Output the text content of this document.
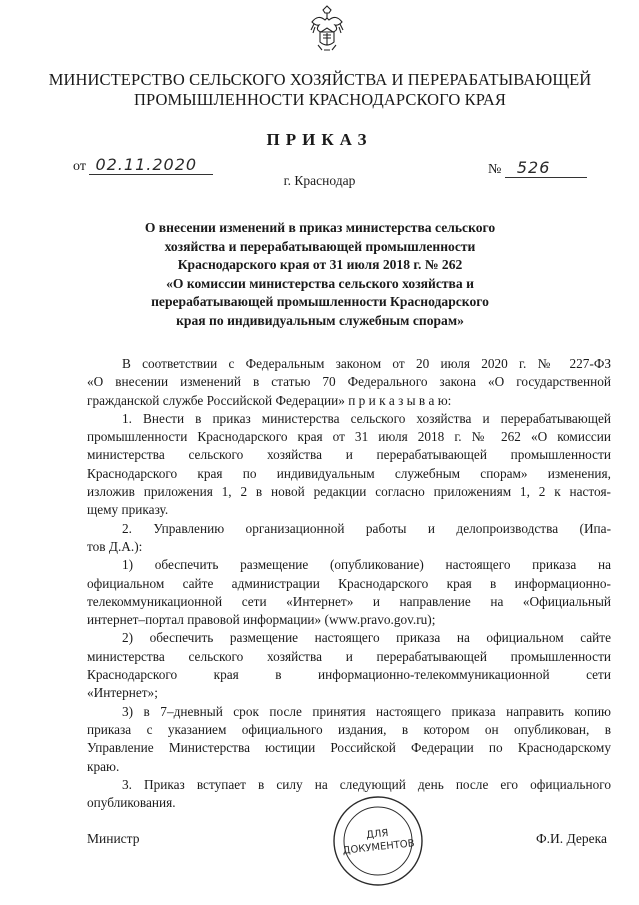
МИНИСТЕРСТВО СЕЛЬСКОГО ХОЗЯЙСТВА И ПЕРЕРАБАТЫВАЮЩЕЙ
ПРОМЫШЛЕННОСТИ КРАСНОДАРСКОГО КРАЯ
ПРИКАЗ
от 02.11.2020	№ 526
г. Краснодар
О внесении изменений в приказ министерства сельского
хозяйства и перерабатывающей промышленности
Краснодарского края от 31 июля 2018 г. № 262
«О комиссии министерства сельского хозяйства и
перерабатывающей промышленности Краснодарского
края по индивидуальным служебным спорам»
В соответствии с Федеральным законом от 20 июля 2020 г. № 227-ФЗ
«О внесении изменений в статью 70 Федерального закона «О государственной
гражданской службе Российской Федерации» п р и к а з ы в а ю:
1. Внести в приказ министерства сельского хозяйства и перерабатывающей
промышленности Краснодарского края от 31 июля 2018 г. № 262 «О комиссии
министерства сельского хозяйства и перерабатывающей промышленности
Краснодарского края по индивидуальным служебным спорам» изменения,
изложив приложения 1, 2 в новой редакции согласно приложениям 1, 2 к настоя-
щему приказу.
2. Управлению организационной работы и делопроизводства (Ипа-
тов Д.А.):
1) обеспечить размещение (опубликование) настоящего приказа на
официальном сайте администрации Краснодарского края в информационно-
телекоммуникационной сети «Интернет» и направление на «Официальный
интернет–портал правовой информации» (www.pravo.gov.ru);
2) обеспечить размещение настоящего приказа на официальном сайте
министерства сельского хозяйства и перерабатывающей промышленности
Краснодарского края в информационно-телекоммуникационной сети
«Интернет»;
3) в 7–дневный срок после принятия настоящего приказа направить копию
приказа с указанием официального издания, в котором он опубликован, в
Управление Министерства юстиции Российской Федерации по Краснодарскому
краю.
3. Приказ вступает в силу на следующий день после его официального
опубликования.
Министр	Ф.И. Дерека
ДЛЯ
ДОКУМЕНТОВ
